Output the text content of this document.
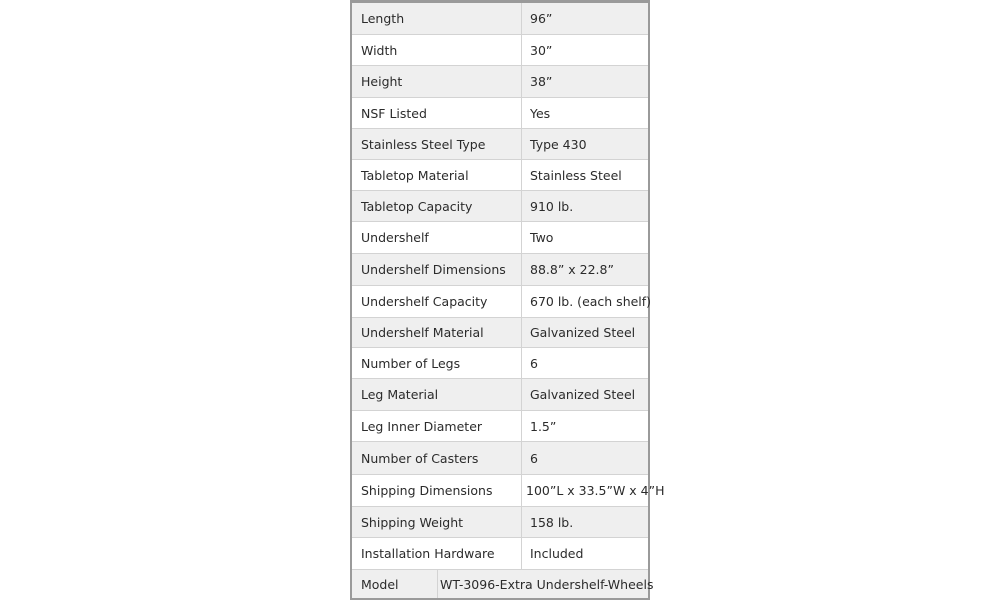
Length	96”
Width	30”
Height	38”
NSF Listed	Yes
Stainless Steel Type	Type 430
Tabletop Material	Stainless Steel
Tabletop Capacity	910 lb.
Undershelf	Two
Undershelf Dimensions	88.8” x 22.8”
Undershelf Capacity	670 lb. (each shelf)
Undershelf Material	Galvanized Steel
Number of Legs	6
Leg Material	Galvanized Steel
Leg Inner Diameter	1.5”
Number of Casters	6
Shipping Dimensions	100”L x 33.5”W x 4”H
Shipping Weight	158 lb.
Installation Hardware	Included
Model	WT-3096-Extra Undershelf-Wheels
